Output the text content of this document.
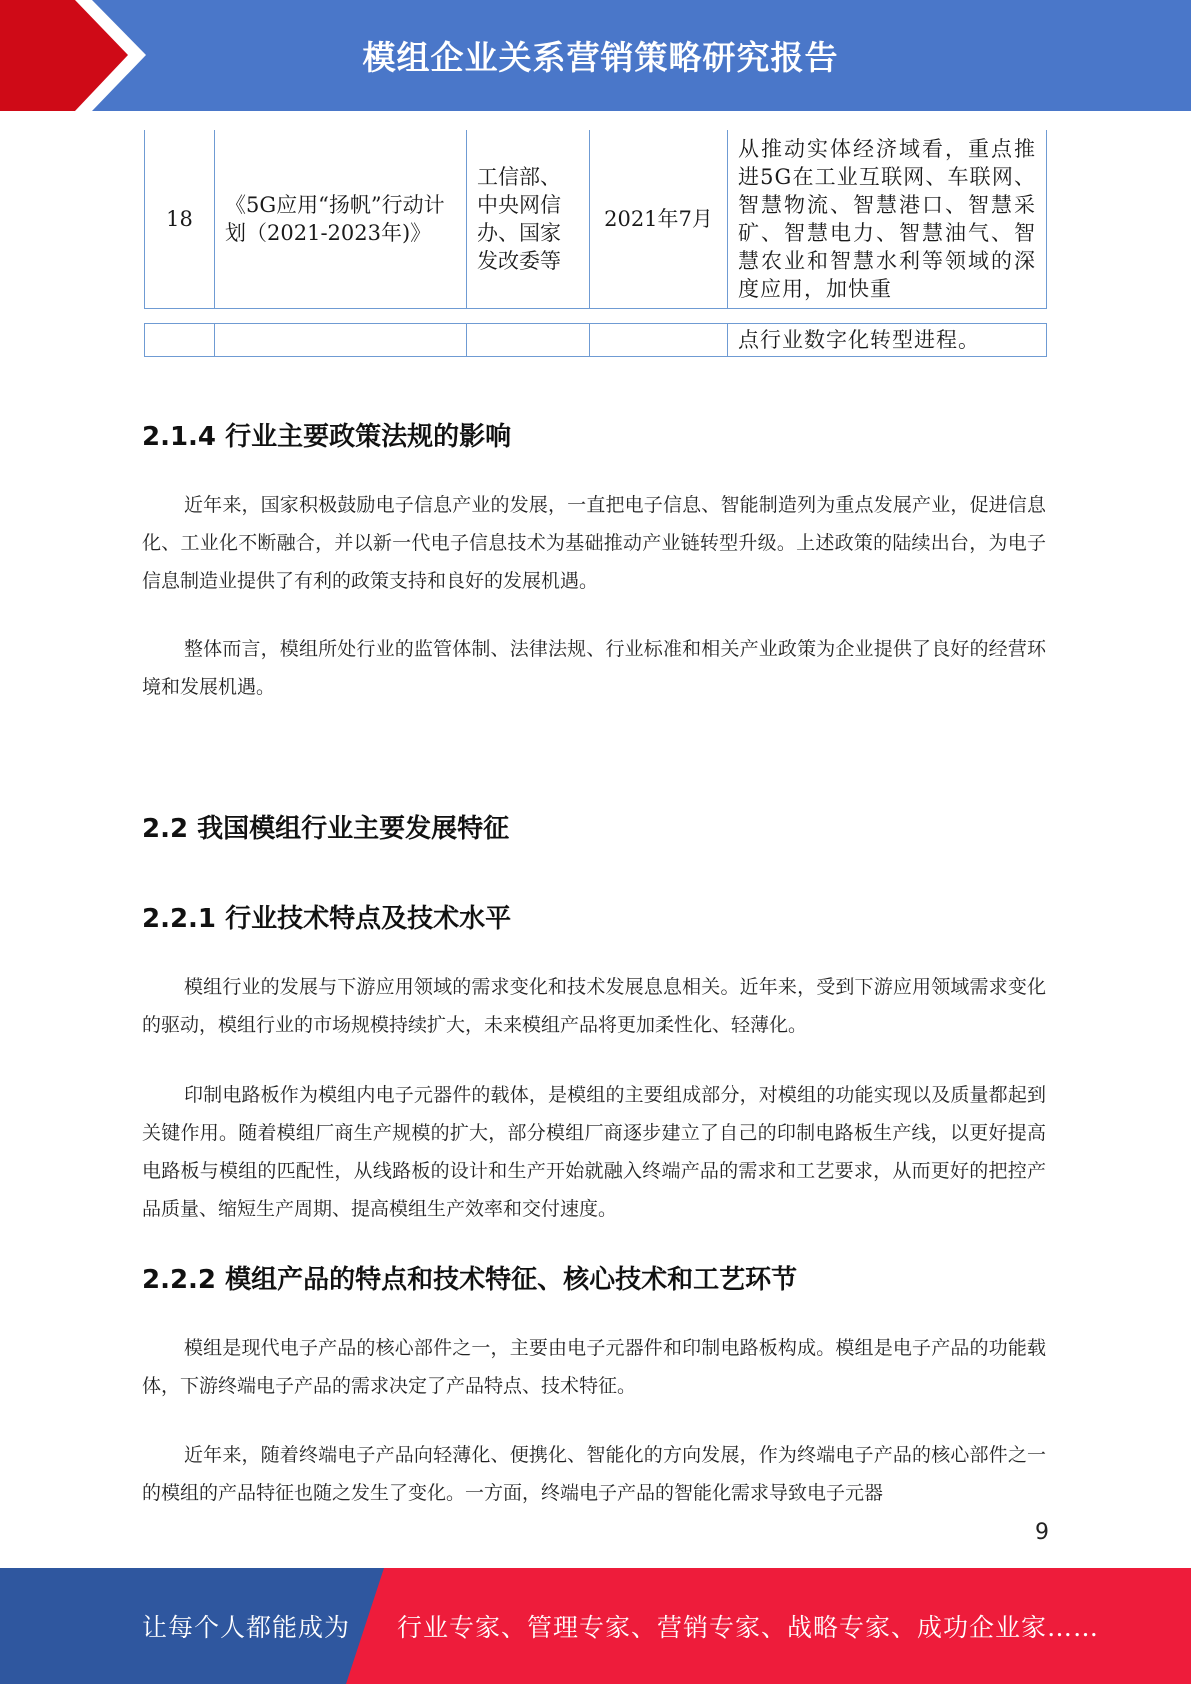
模组企业关系营销策略研究报告
18	《5G应用“扬帆”行动计划（2021-2023年)》	工信部、中央网信办、国家发改委等	2021年7月	从推动实体经济域看，重点推进5G在工业互联网、车联网、智慧物流、智慧港口、智慧采矿、智慧电力、智慧油气、智慧农业和智慧水利等领域的深度应用，加快重

				点行业数字化转型进程。
2.1.4 行业主要政策法规的影响

近年来，国家积极鼓励电子信息产业的发展，一直把电子信息、智能制造列为重点发展产业，促进信息化、工业化不断融合，并以新一代电子信息技术为基础推动产业链转型升级。上述政策的陆续出台，为电子信息制造业提供了有利的政策支持和良好的发展机遇。

整体而言，模组所处行业的监管体制、法律法规、行业标准和相关产业政策为企业提供了良好的经营环境和发展机遇。

2.2 我国模组行业主要发展特征
2.2.1 行业技术特点及技术水平

模组行业的发展与下游应用领域的需求变化和技术发展息息相关。近年来，受到下游应用领域需求变化的驱动，模组行业的市场规模持续扩大，未来模组产品将更加柔性化、轻薄化。

印制电路板作为模组内电子元器件的载体，是模组的主要组成部分，对模组的功能实现以及质量都起到关键作用。随着模组厂商生产规模的扩大，部分模组厂商逐步建立了自己的印制电路板生产线，以更好提高电路板与模组的匹配性，从线路板的设计和生产开始就融入终端产品的需求和工艺要求，从而更好的把控产品质量、缩短生产周期、提高模组生产效率和交付速度。

2.2.2 模组产品的特点和技术特征、核心技术和工艺环节

模组是现代电子产品的核心部件之一，主要由电子元器件和印制电路板构成。模组是电子产品的功能载体，下游终端电子产品的需求决定了产品特点、技术特征。

近年来，随着终端电子产品向轻薄化、便携化、智能化的方向发展，作为终端电子产品的核心部件之一的模组的产品特征也随之发生了变化。一方面，终端电子产品的智能化需求导致电子元器

9
让每个人都能成为 行业专家、管理专家、营销专家、战略专家、成功企业家……
